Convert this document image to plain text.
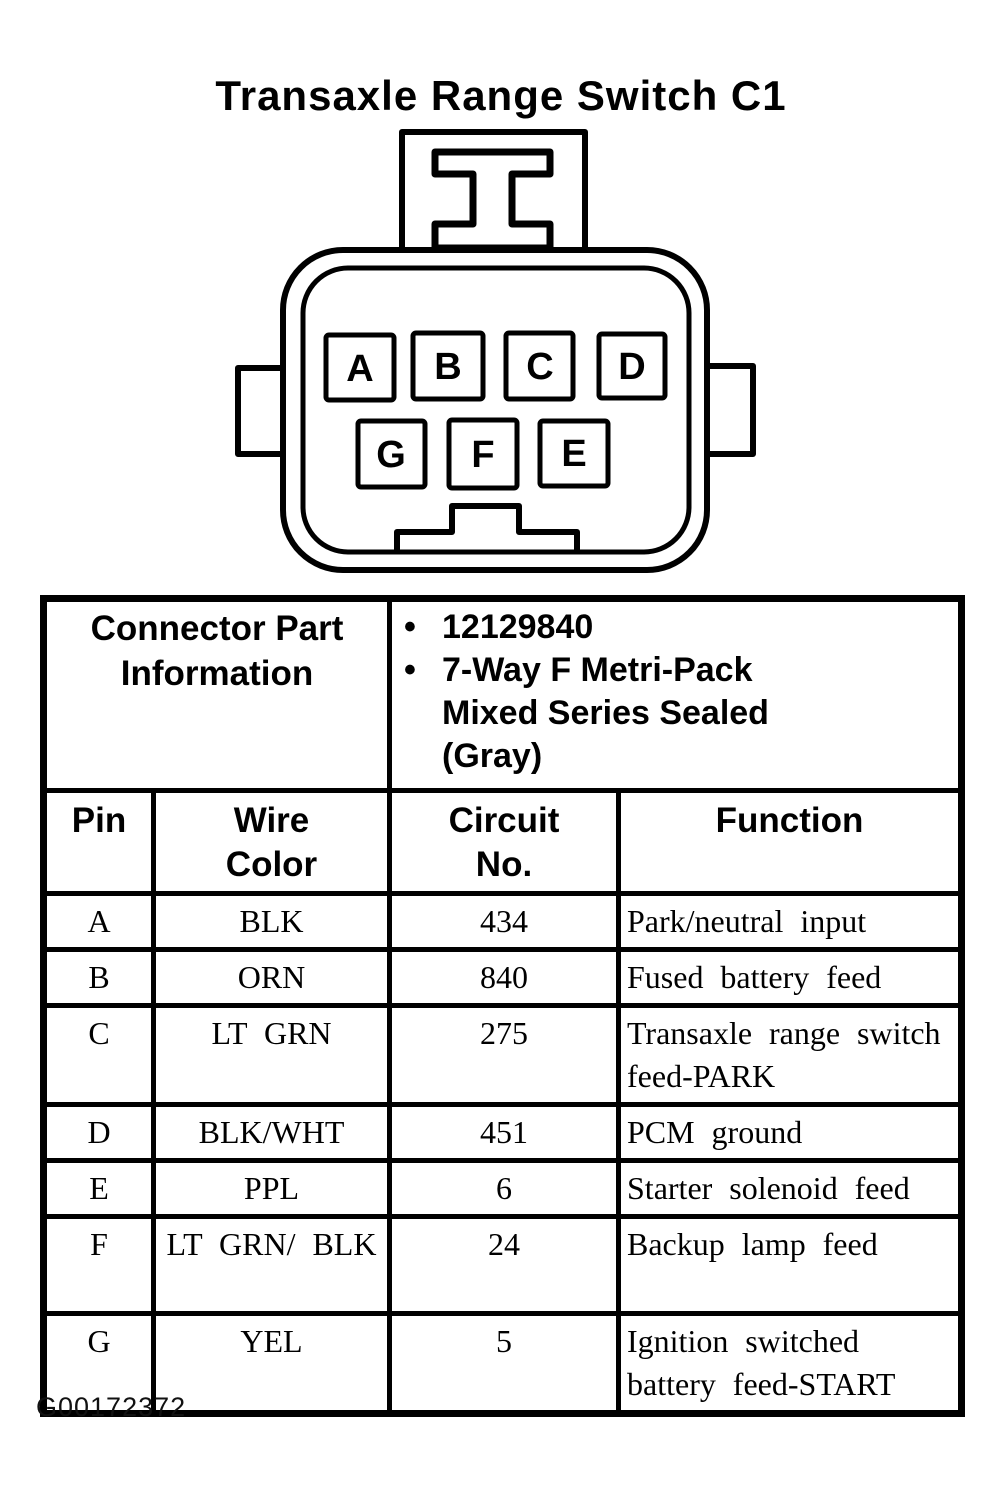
Transaxle Range Switch C1
A B C D
G F E
Connector Part Information		• 12129840
• 7-Way F Metri-Pack Mixed Series Sealed (Gray)	

Pin	Wire Color	Circuit No.	Function
A	BLK	434	Park/neutral input
B	ORN	840	Fused battery feed
C	LT GRN	275	Transaxle range switch feed-PARK
D	BLK/WHT	451	PCM ground
E	PPL	6	Starter solenoid feed
F	LT GRN/ BLK	24	Backup lamp feed
G	YEL	5	Ignition switched battery feed-START
G00172372
